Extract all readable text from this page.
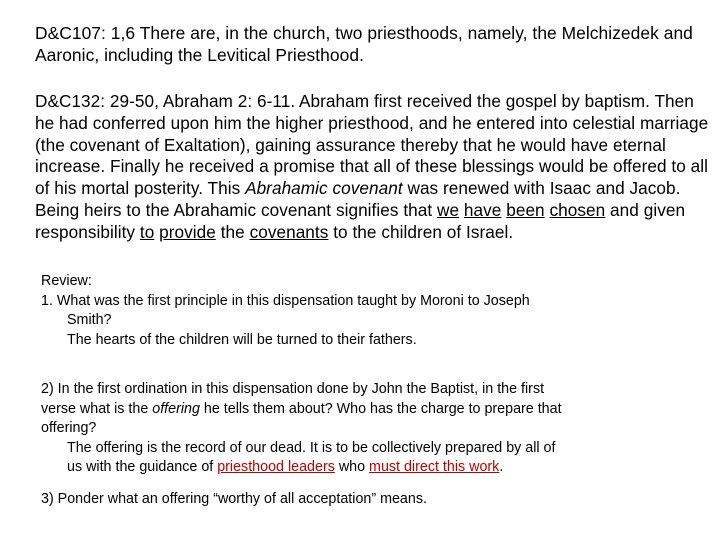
D&C107: 1,6 There are, in the church, two priesthoods, namely, the Melchizedek and Aaronic, including the Levitical Priesthood.

D&C132: 29-50, Abraham 2: 6-11. Abraham first received the gospel by baptism. Then he had conferred upon him the higher priesthood, and he entered into celestial marriage (the covenant of Exaltation), gaining assurance thereby that he would have eternal increase. Finally he received a promise that all of these blessings would be offered to all of his mortal posterity. This Abrahamic covenant was renewed with Isaac and Jacob. Being heirs to the Abrahamic covenant signifies that we have been chosen and given responsibility to provide the covenants to the children of Israel.

Review:
1. What was the first principle in this dispensation taught by Moroni to Joseph
Smith?
The hearts of the children will be turned to their fathers.
2) In the first ordination in this dispensation done by John the Baptist, in the first
verse what is the offering he tells them about? Who has the charge to prepare that
offering?
The offering is the record of our dead. It is to be collectively prepared by all of
us with the guidance of priesthood leaders who must direct this work.

3) Ponder what an offering “worthy of all acceptation” means.
